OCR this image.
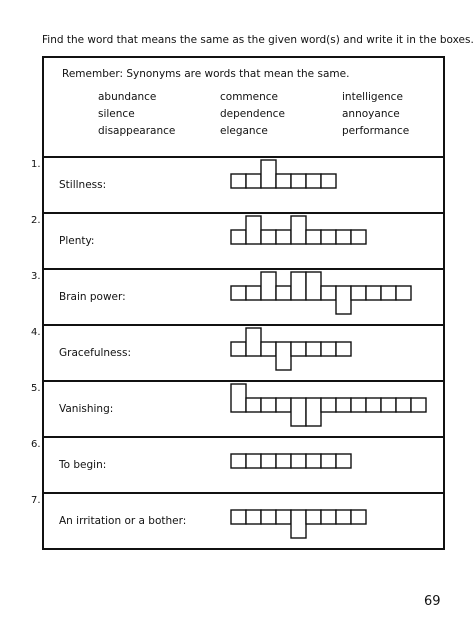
Find the word that means the same as the given word(s) and write it in the boxes.
Remember: Synonyms are words that mean the same.
abundance	commence	intelligence
silence	dependence	annoyance
disappearance	elegance	performance
1.
Stillness:
2.
Plenty:
3.
Brain power:
4.
Gracefulness:
5.
Vanishing:
6.
To begin:
7.
An irritation or a bother:
69
